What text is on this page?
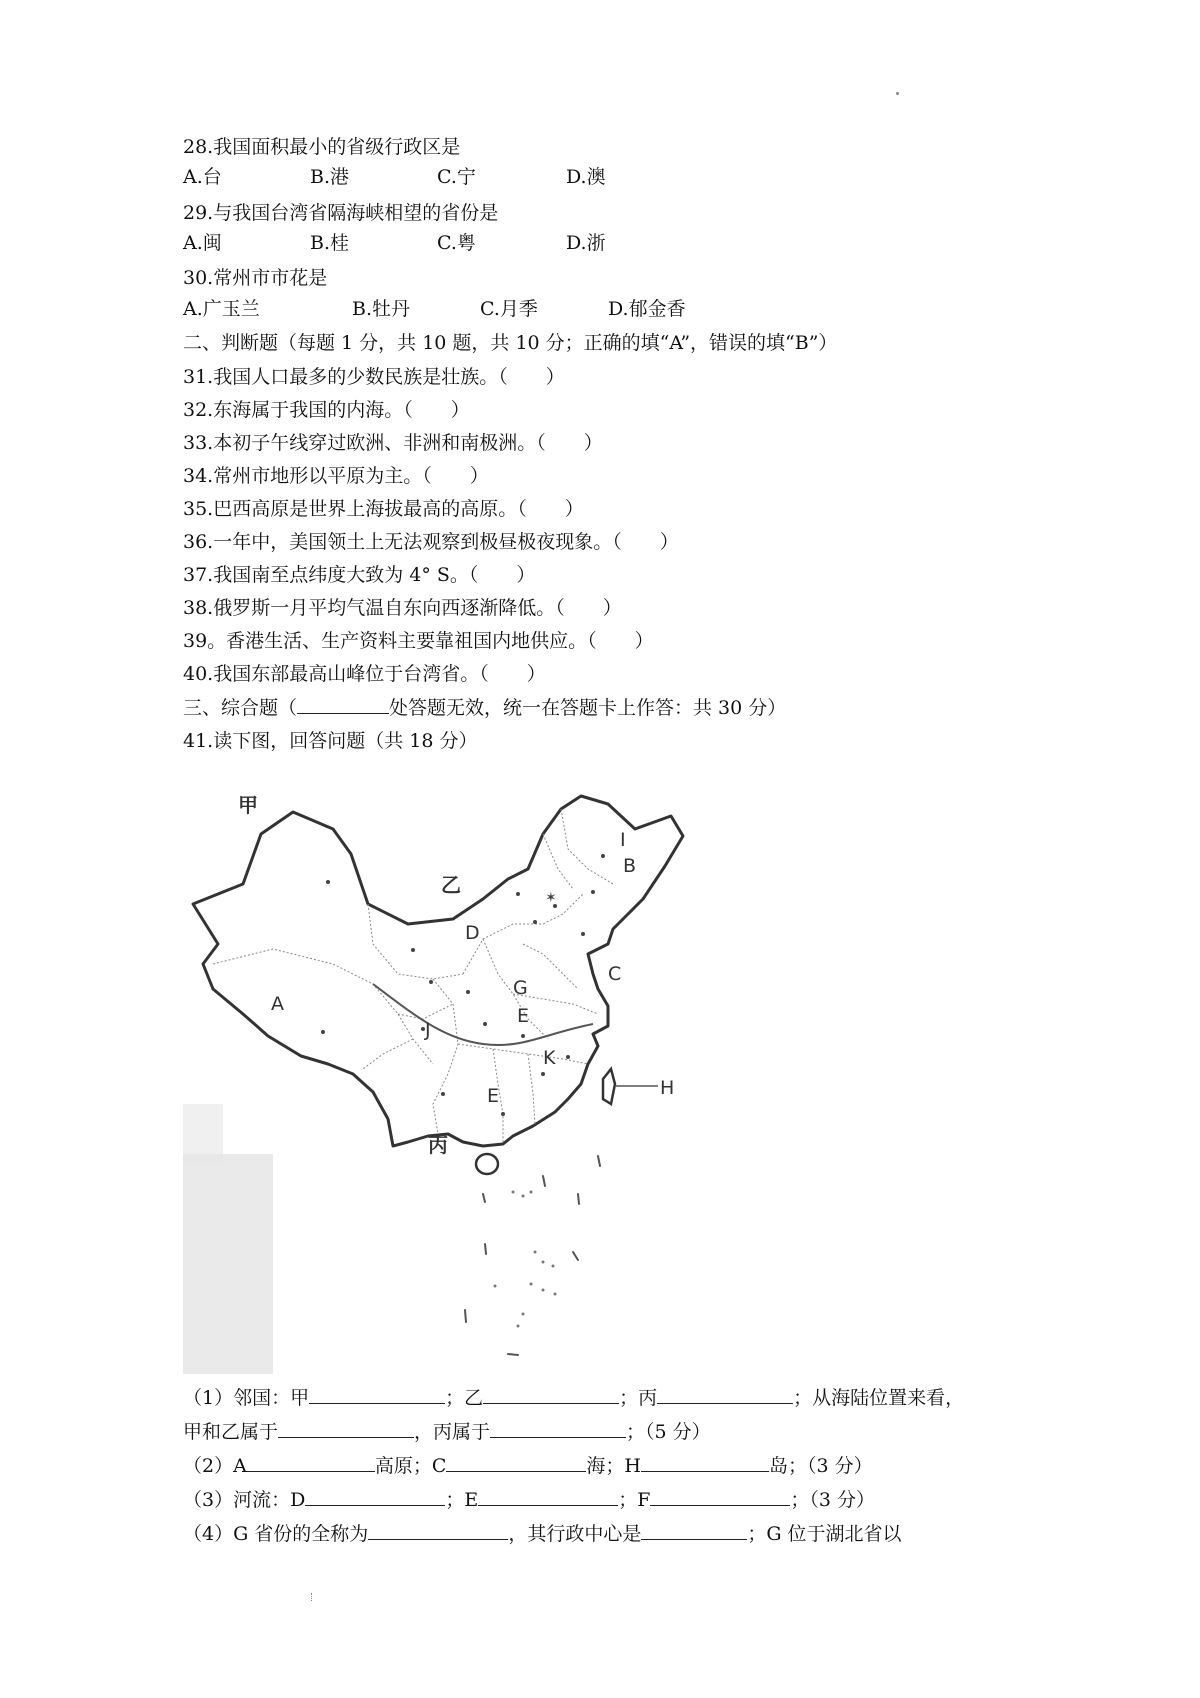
28.我国面积最小的省级行政区是
A.台	B.港	C.宁	D.澳
29.与我国台湾省隔海峡相望的省份是
A.闽	B.桂	C.粤	D.浙
30.常州市市花是
A.广玉兰	B.牡丹	C.月季	D.郁金香
二、判断题（每题 1 分，共 10 题，共 10 分；正确的填“A”，错误的填“B”）
31.我国人口最多的少数民族是壮族。（　　）
32.东海属于我国的内海。（　　）
33.本初子午线穿过欧洲、非洲和南极洲。（　　）
34.常州市地形以平原为主。（　　）
35.巴西高原是世界上海拔最高的高原。（　　）
36.一年中，美国领土上无法观察到极昼极夜现象。（　　）
37.我国南至点纬度大致为 4° S。（　　）
38.俄罗斯一月平均气温自东向西逐渐降低。（　　）
39。香港生活、生产资料主要靠祖国内地供应。（　　）
40.我国东部最高山峰位于台湾省。（　　）
三、综合题（	处答题无效，统一在答题卡上作答：共 30 分）
41.读下图，回答问题（共 18 分）
✶
甲
乙
丙
A
I
B
C
D
G
E
J
K
E	H
（1）邻国：甲	；乙	；丙	；从海陆位置来看，
甲和乙属于	，丙属于	；（5 分）
（2）A	高原；C	海；H	岛；（3 分）
（3）河流：D	；E	；F	；（3 分）
（4）G 省份的全称为	，其行政中心是	；G 位于湖北省以
